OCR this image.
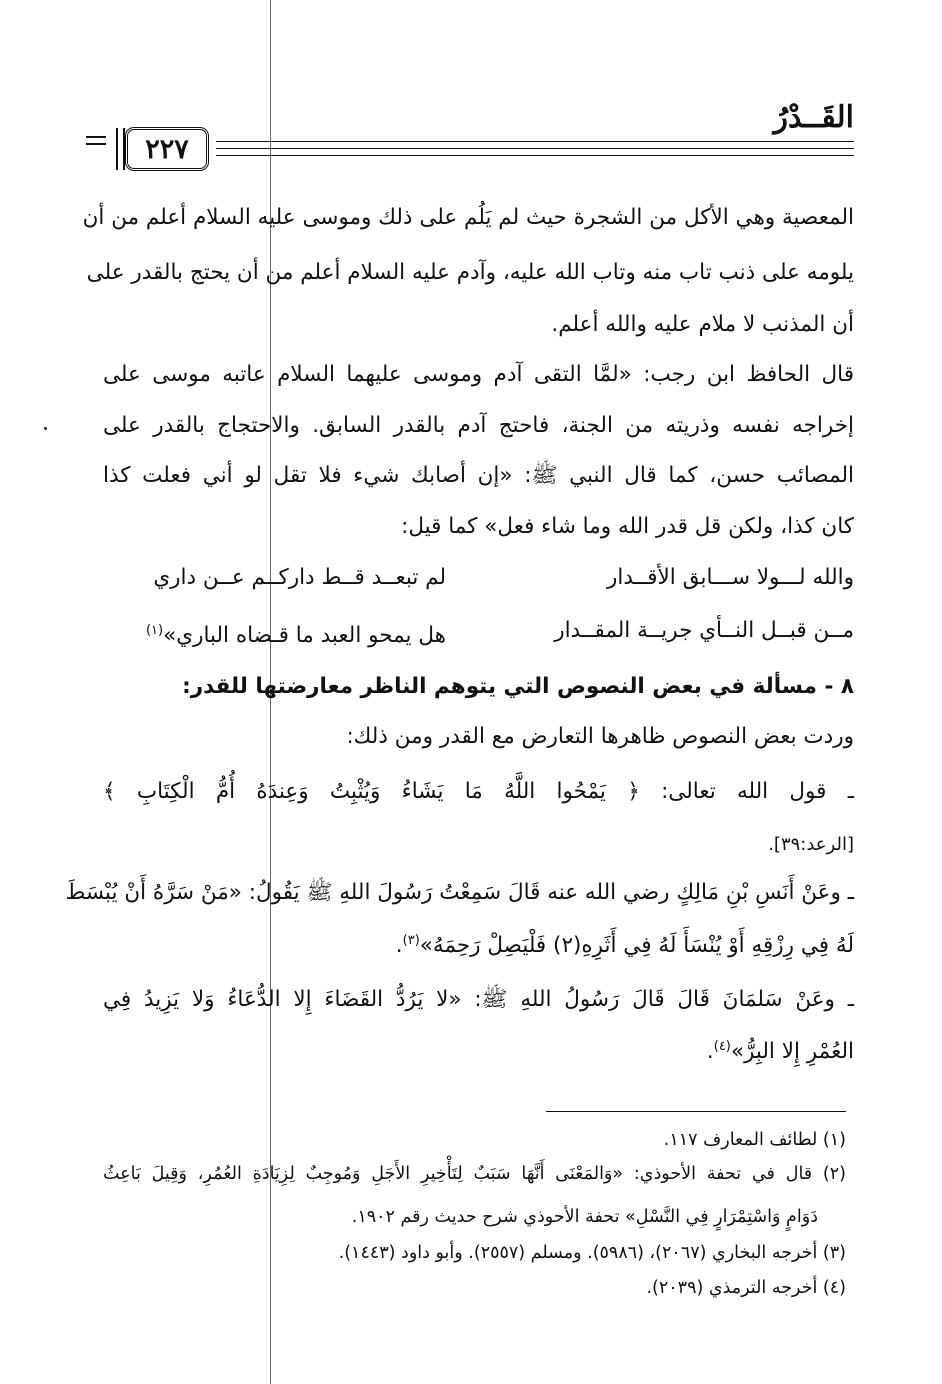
القَــدْرُ
٢٢٧
المعصية وهي الأكل من الشجرة حيث لم يَلُم على ذلك وموسى عليه السلام أعلم من أن
يلومه على ذنب تاب منه وتاب الله عليه، وآدم عليه السلام أعلم من أن يحتج بالقدر على
أن المذنب لا ملام عليه والله أعلم.
قال الحافظ ابن رجب: «لمَّا التقى آدم وموسى عليهما السلام عاتبه موسى على
إخراجه نفسه وذريته من الجنة، فاحتج آدم بالقدر السابق. والاحتجاج بالقدر على
المصائب حسن، كما قال النبي ﷺ: «إن أصابك شيء فلا تقل لو أني فعلت كذا
كان كذا، ولكن قل قدر الله وما شاء فعل» كما قيل:
والله لـــولا ســـابق الأقــدار
لم تبعــد قــط داركــم عــن داري
مــن قبــل النــأي جريــة المقــدار
هل يمحو العبد ما قـضاه الباري»$^{(١)}$
٨ - مسألة في بعض النصوص التي يتوهم الناظر معارضتها للقدر:
وردت بعض النصوص ظاهرها التعارض مع القدر ومن ذلك:
ـ قول الله تعالى: ﴿ يَمْحُوا اللَّهُ مَا يَشَاءُ وَيُثْبِتُ وَعِندَهُ أُمُّ الْكِتَابِ ﴾
[الرعد:٣٩].
ـ وعَنْ أَنَسِ بْنِ مَالِكٍ رضي الله عنه قَالَ سَمِعْتُ رَسُولَ اللهِ ﷺ يَقُولُ: «مَنْ سَرَّهُ أَنْ يُبْسَطَ
لَهُ فِي رِزْقِهِ أَوْ يُنْسَأَ لَهُ فِي أَثَرِهِ(٢) فَلْيَصِلْ رَحِمَهُ»$^{(٣)}$.
ـ وعَنْ سَلمَانَ قَالَ قَالَ رَسُولُ اللهِ ﷺ: «لا يَرُدُّ القَضَاءَ إِلا الدُّعَاءُ وَلا يَزِيدُ فِي
العُمْرِ إِلا البِرُّ»$^{(٤)}$.
(١) لطائف المعارف ١١٧.
(٢) قال في تحفة الأحوذي: «وَالمَعْنَى أَنَّهَا سَبَبٌ لِتَأْخِيرِ الأَجَلِ وَمُوجِبٌ لِزِيَادَةِ العُمُرِ، وَقِيلَ بَاعِثُ
دَوَامٍ وَاسْتِمْرَارٍ فِي النَّسْلِ» تحفة الأحوذي شرح حديث رقم ١٩٠٢.
(٣) أخرجه البخاري (٢٠٦٧)، (٥٩٨٦). ومسلم (٢٥٥٧). وأبو داود (١٤٤٣).
(٤) أخرجه الترمذي (٢٠٣٩).
